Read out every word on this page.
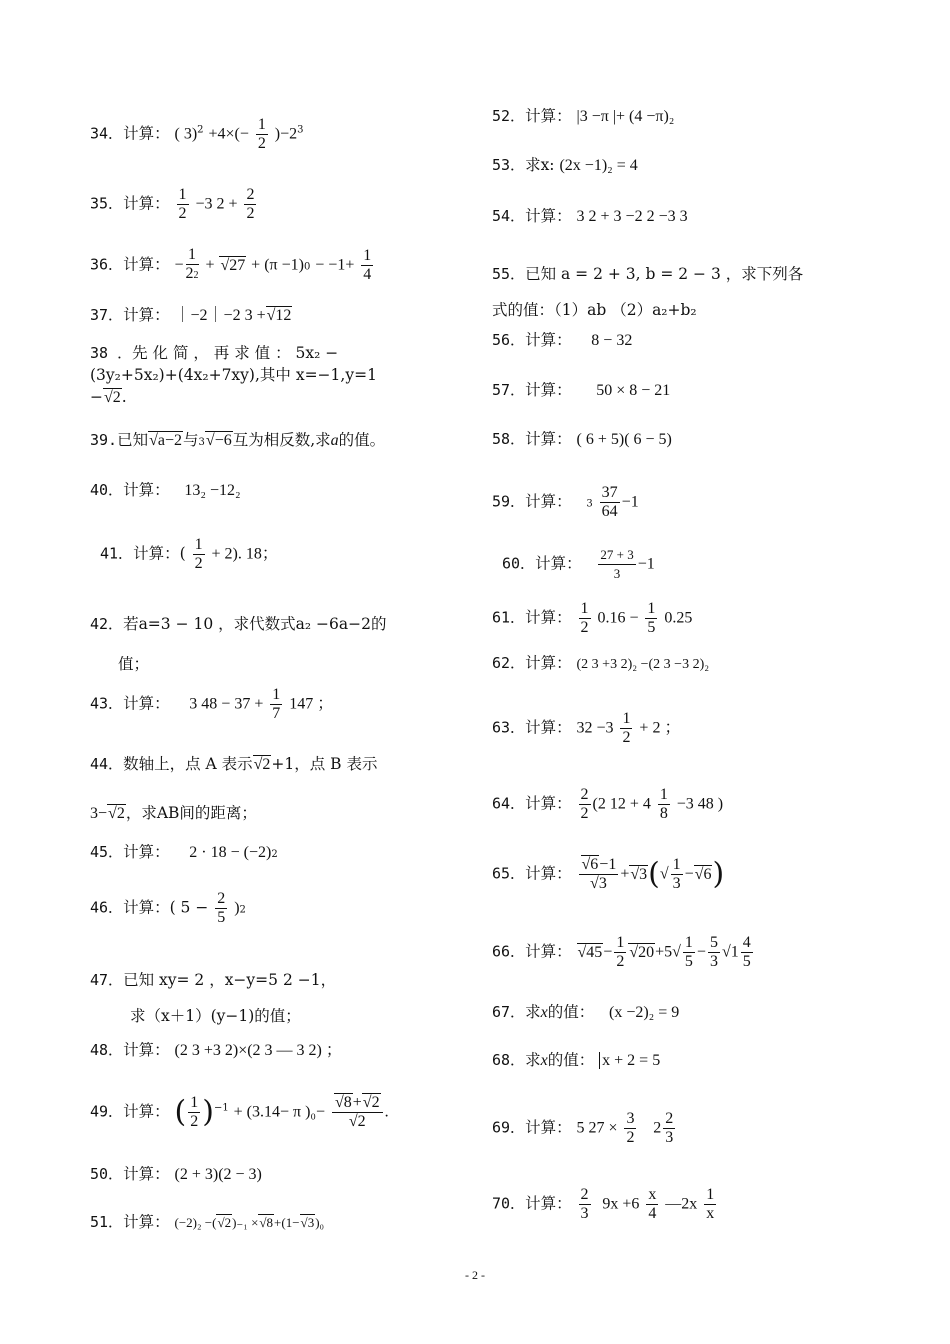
34．计算： ( $3)^2 +4\times(- \frac{1}{2} )-2^3$
35．计算： $\frac{1}{2} -3$ $2 + \frac{2}{2}$
36．计算： − $\frac{1}{22}$ + √ $27 + (\pi -1)0 - -1+ \frac{1}{4}$
37．计算： ｜−2｜−2 3 + √ 12
38 ．先 化 简 ， 再 求 值 ： 5x₂ −
(3y₂+5x₂)+(4x₂+7xy),其中 x=−1,y=1
− √ 2.
39.已知 √ a−2与3 √ −6互为相反数,求a的值。
40．计算： 13₂ −12₂
41．计算：( $\frac{1}{2} + 2$). 18；
42．若a=3 − 10 ，求代数式a₂ −6a−2的
值；
43．计算： 3 $48 - 37 + \frac{1}{7} 147$ ；
44．数轴上，点 A 表示 √ 2+1，点 B 表示
3− √ 2，求AB间的距离；
45．计算： 2 · 18 − (−2)2
46．计算：( $5 - \frac{2}{5} )2$
47．已知 xy= 2 ，x−y=5 2 −1，
求（x＋1）(y−1)的值；
48．计算： (2 3 +3 2)×(2 3 — 3 2) ；
49．计算： ( $\frac{1}{2} )^{-1} + (3.14- \pi$ )₀− √ 8+ √ 2
√ 2 .
50．计算： (2 + 3)(2 − 3)
51．计算： (−2)₂ −( √ 2)₋₁ × √ 8+(1− √ 3)₀
52．计算： |3 −π |+ (4 −π)₂
53．求x: (2x −1)₂ = 4
54．计算： 3 2 + 3 −2 2 −3 3
55．已知 a = 2 + 3, b = 2 − 3 ，求下列各
式的值：（1）ab （2）a₂+b₂
56．计算： 8 − 32
57．计算： 50 × 8 − 21
58．计算： ( 6 + 5)( 6 − 5)
59．计算： $3 \frac{37}{64} -1$
60．计算： $\frac{27 + 3}{3} -1$
61．计算： $\frac{1}{2} 0.16 - \frac{1}{5} 0.25$
62．计算： (2 3 +3 2)₂ −(2 3 −3 2)₂
63．计算： $32 -3 \frac{1}{2} + 2$ ；
64．计算： $\frac{2}{2} (2$ $12 + 4 \frac{1}{8} -3$ 48 )
65．计算： √ 6−1
√ 3 + √ $3(√ \frac{1}{3}$ − √ 6)
66．计算： √ $45- \frac{1}{2}$ √ $20+5√ \frac{1}{5} - \frac{5}{3} √1 \frac{4}{5}$
67．求x的值： (x −2)₂ = 9
68．求x的值： x + 2 = 5
69．计算： 5 $27 \times \frac{3}{2} 2 \frac{2}{3}$
70．计算： $\frac{2}{3} 9x +6 \frac{x}{4}$ —2x $\frac{1}{x}$
- 2 -
